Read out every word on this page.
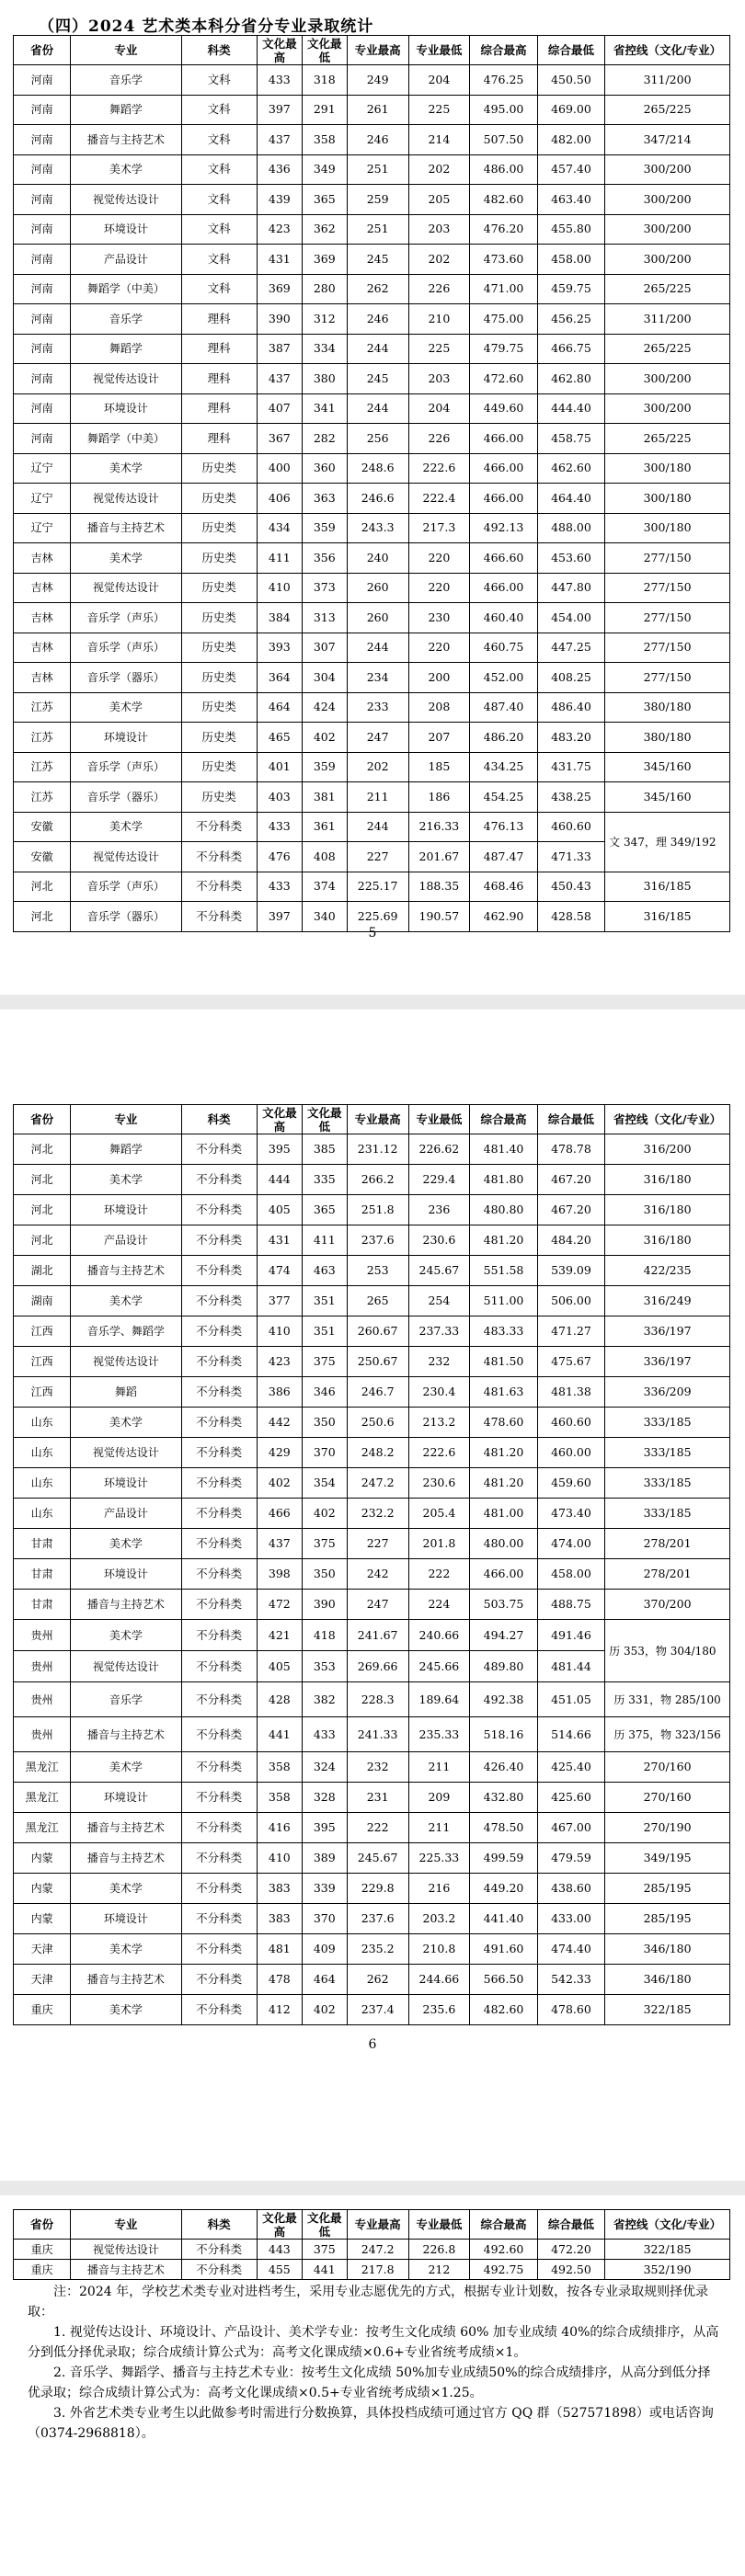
（四）2024 艺术类本科分省分专业录取统计
省份	专业	科类	文化最高	文化最低	专业最高	专业最低	综合最高	综合最低	省控线（文化/专业）
河南	音乐学	文科	433	318	249	204	476.25	450.50	311/200
河南	舞蹈学	文科	397	291	261	225	495.00	469.00	265/225
河南	播音与主持艺术	文科	437	358	246	214	507.50	482.00	347/214
河南	美术学	文科	436	349	251	202	486.00	457.40	300/200
河南	视觉传达设计	文科	439	365	259	205	482.60	463.40	300/200
河南	环境设计	文科	423	362	251	203	476.20	455.80	300/200
河南	产品设计	文科	431	369	245	202	473.60	458.00	300/200
河南	舞蹈学（中美）	文科	369	280	262	226	471.00	459.75	265/225
河南	音乐学	理科	390	312	246	210	475.00	456.25	311/200
河南	舞蹈学	理科	387	334	244	225	479.75	466.75	265/225
河南	视觉传达设计	理科	437	380	245	203	472.60	462.80	300/200
河南	环境设计	理科	407	341	244	204	449.60	444.40	300/200
河南	舞蹈学（中美）	理科	367	282	256	226	466.00	458.75	265/225
辽宁	美术学	历史类	400	360	248.6	222.6	466.00	462.60	300/180
辽宁	视觉传达设计	历史类	406	363	246.6	222.4	466.00	464.40	300/180
辽宁	播音与主持艺术	历史类	434	359	243.3	217.3	492.13	488.00	300/180
吉林	美术学	历史类	411	356	240	220	466.60	453.60	277/150
吉林	视觉传达设计	历史类	410	373	260	220	466.00	447.80	277/150
吉林	音乐学（声乐）	历史类	384	313	260	230	460.40	454.00	277/150
吉林	音乐学（声乐）	历史类	393	307	244	220	460.75	447.25	277/150
吉林	音乐学（器乐）	历史类	364	304	234	200	452.00	408.25	277/150
江苏	美术学	历史类	464	424	233	208	487.40	486.40	380/180
江苏	环境设计	历史类	465	402	247	207	486.20	483.20	380/180
江苏	音乐学（声乐）	历史类	401	359	202	185	434.25	431.75	345/160
江苏	音乐学（器乐）	历史类	403	381	211	186	454.25	438.25	345/160
安徽	美术学	不分科类	433	361	244	216.33	476.13	460.60	文 347，理 349/192
安徽	视觉传达设计	不分科类	476	408	227	201.67	487.47	471.33	
河北	音乐学（声乐）	不分科类	433	374	225.17	188.35	468.46	450.43	316/185
河北	音乐学（器乐）	不分科类	397	340	225.69	190.57	462.90	428.58	316/185
5
省份	专业	科类	文化最高	文化最低	专业最高	专业最低	综合最高	综合最低	省控线（文化/专业）
河北	舞蹈学	不分科类	395	385	231.12	226.62	481.40	478.78	316/200
河北	美术学	不分科类	444	335	266.2	229.4	481.80	467.20	316/180
河北	环境设计	不分科类	405	365	251.8	236	480.80	467.20	316/180
河北	产品设计	不分科类	431	411	237.6	230.6	481.20	484.20	316/180
湖北	播音与主持艺术	不分科类	474	463	253	245.67	551.58	539.09	422/235
湖南	美术学	不分科类	377	351	265	254	511.00	506.00	316/249
江西	音乐学、舞蹈学	不分科类	410	351	260.67	237.33	483.33	471.27	336/197
江西	视觉传达设计	不分科类	423	375	250.67	232	481.50	475.67	336/197
江西	舞蹈	不分科类	386	346	246.7	230.4	481.63	481.38	336/209
山东	美术学	不分科类	442	350	250.6	213.2	478.60	460.60	333/185
山东	视觉传达设计	不分科类	429	370	248.2	222.6	481.20	460.00	333/185
山东	环境设计	不分科类	402	354	247.2	230.6	481.20	459.60	333/185
山东	产品设计	不分科类	466	402	232.2	205.4	481.00	473.40	333/185
甘肃	美术学	不分科类	437	375	227	201.8	480.00	474.00	278/201
甘肃	环境设计	不分科类	398	350	242	222	466.00	458.00	278/201
甘肃	播音与主持艺术	不分科类	472	390	247	224	503.75	488.75	370/200
贵州	美术学	不分科类	421	418	241.67	240.66	494.27	491.46	历 353，物 304/180
贵州	视觉传达设计	不分科类	405	353	269.66	245.66	489.80	481.44	
贵州	音乐学	不分科类	428	382	228.3	189.64	492.38	451.05	历 331，物 285/100
贵州	播音与主持艺术	不分科类	441	433	241.33	235.33	518.16	514.66	历 375，物 323/156
黑龙江	美术学	不分科类	358	324	232	211	426.40	425.40	270/160
黑龙江	环境设计	不分科类	358	328	231	209	432.80	425.60	270/160
黑龙江	播音与主持艺术	不分科类	416	395	222	211	478.50	467.00	270/190
内蒙	播音与主持艺术	不分科类	410	389	245.67	225.33	499.59	479.59	349/195
内蒙	美术学	不分科类	383	339	229.8	216	449.20	438.60	285/195
内蒙	环境设计	不分科类	383	370	237.6	203.2	441.40	433.00	285/195
天津	美术学	不分科类	481	409	235.2	210.8	491.60	474.40	346/180
天津	播音与主持艺术	不分科类	478	464	262	244.66	566.50	542.33	346/180
重庆	美术学	不分科类	412	402	237.4	235.6	482.60	478.60	322/185
6
省份	专业	科类	文化最高	文化最低	专业最高	专业最低	综合最高	综合最低	省控线（文化/专业）
重庆	视觉传达设计	不分科类	443	375	247.2	226.8	492.60	472.20	322/185
重庆	播音与主持艺术	不分科类	455	441	217.8	212	492.75	492.50	352/190

注：2024 年，学校艺术类专业对进档考生，采用专业志愿优先的方式，根据专业计划数，按各专业录取规则择优录取：

1. 视觉传达设计、环境设计、产品设计、美术学专业：按考生文化成绩 60% 加专业成绩 40%的综合成绩排序，从高分到低分择优录取；综合成绩计算公式为：高考文化课成绩×0.6+专业省统考成绩×1。

2. 音乐学、舞蹈学、播音与主持艺术专业：按考生文化成绩 50%加专业成绩50%的综合成绩排序，从高分到低分择优录取；综合成绩计算公式为：高考文化课成绩×0.5+专业省统考成绩×1.25。

3. 外省艺术类专业考生以此做参考时需进行分数换算，具体投档成绩可通过官方 QQ 群（527571898）或电话咨询（0374-2968818）。
